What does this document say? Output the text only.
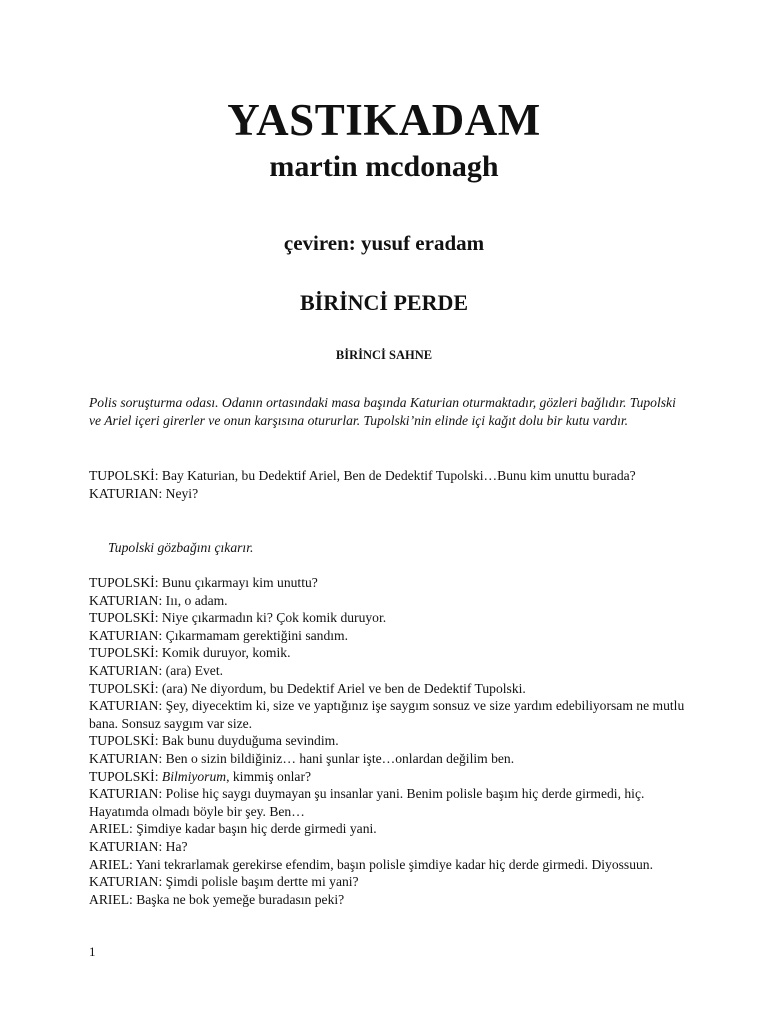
YASTIKADAM
martin mcdonagh
çeviren: yusuf eradam
BİRİNCİ PERDE
BİRİNCİ SAHNE
Polis soruşturma odası. Odanın ortasındaki masa başında Katurian oturmaktadır, gözleri bağlıdır. Tupolski ve Ariel içeri girerler ve onun karşısına otururlar. Tupolski’nin elinde içi kağıt dolu bir kutu vardır.
TUPOLSKİ: Bay Katurian, bu Dedektif Ariel, Ben de Dedektif Tupolski…Bunu kim unuttu burada?
KATURIAN: Neyi?
Tupolski gözbağını çıkarır.
TUPOLSKİ: Bunu çıkarmayı kim unuttu?
KATURIAN: Iıı, o adam.
TUPOLSKİ: Niye çıkarmadın ki? Çok komik duruyor.
KATURIAN: Çıkarmamam gerektiğini sandım.
TUPOLSKİ: Komik duruyor, komik.
KATURIAN: (ara) Evet.
TUPOLSKİ: (ara) Ne diyordum, bu Dedektif Ariel ve ben de Dedektif Tupolski.
KATURIAN: Şey, diyecektim ki, size ve yaptığınız işe saygım sonsuz ve size yardım edebiliyorsam ne mutlu bana. Sonsuz saygım var size.
TUPOLSKİ: Bak bunu duyduğuma sevindim.
KATURIAN: Ben o sizin bildiğiniz… hani şunlar işte…onlardan değilim ben.
TUPOLSKİ: Bilmiyorum, kimmiş onlar?
KATURIAN: Polise hiç saygı duymayan şu insanlar yani. Benim polisle başım hiç derde girmedi, hiç. Hayatımda olmadı böyle bir şey. Ben…
ARIEL: Şimdiye kadar başın hiç derde girmedi yani.
KATURIAN: Ha?
ARIEL: Yani tekrarlamak gerekirse efendim, başın polisle şimdiye kadar hiç derde girmedi. Diyossuun.
KATURIAN: Şimdi polisle başım dertte mi yani?
ARIEL: Başka ne bok yemeğe buradasın peki?
1
